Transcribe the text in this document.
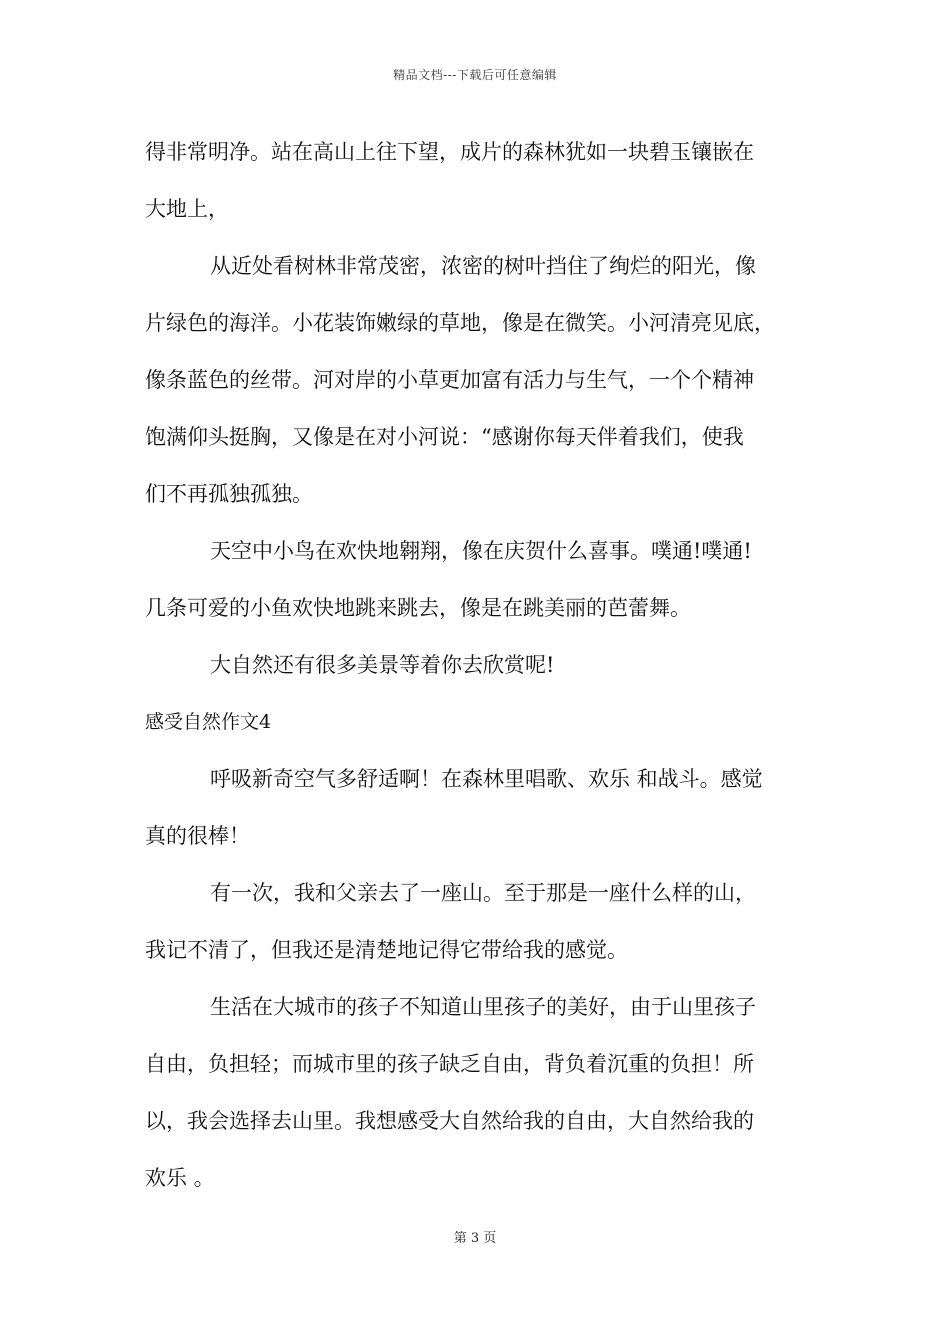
精品文档---下载后可任意编辑
得非常明净。站在高山上往下望，成片的森林犹如一块碧玉镶嵌在
大地上，
从近处看树林非常茂密，浓密的树叶挡住了绚烂的阳光，像
片绿色的海洋。小花装饰嫩绿的草地，像是在微笑。小河清亮见底，
像条蓝色的丝带。河对岸的小草更加富有活力与生气，一个个精神
饱满仰头挺胸，又像是在对小河说：“感谢你每天伴着我们，使我
们不再孤独孤独。
天空中小鸟在欢快地翱翔，像在庆贺什么喜事。噗通!噗通!
几条可爱的小鱼欢快地跳来跳去，像是在跳美丽的芭蕾舞。
大自然还有很多美景等着你去欣赏呢!
感受自然作文4
呼吸新奇空气多舒适啊！在森林里唱歌、欢乐 和战斗。感觉
真的很棒！
有一次，我和父亲去了一座山。至于那是一座什么样的山，
我记不清了，但我还是清楚地记得它带给我的感觉。
生活在大城市的孩子不知道山里孩子的美好，由于山里孩子
自由，负担轻；而城市里的孩子缺乏自由，背负着沉重的负担！所
以，我会选择去山里。我想感受大自然给我的自由，大自然给我的
欢乐 。
第 3 页
